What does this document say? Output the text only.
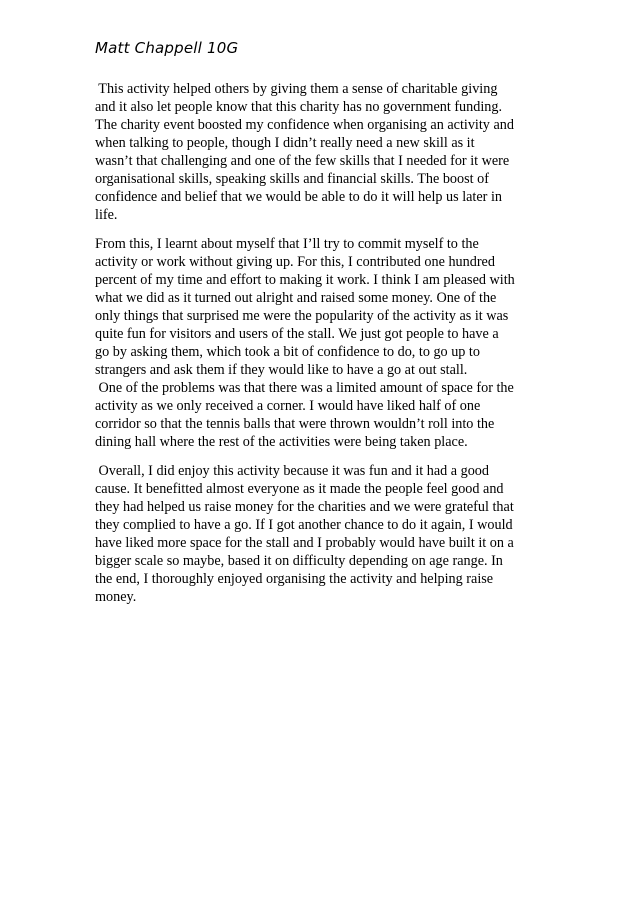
Matt Chappell 10G
This activity helped others by giving them a sense of charitable giving
and it also let people know that this charity has no government funding.
The charity event boosted my confidence when organising an activity and
when talking to people, though I didn’t really need a new skill as it
wasn’t that challenging and one of the few skills that I needed for it were
organisational skills, speaking skills and financial skills. The boost of
confidence and belief that we would be able to do it will help us later in
life.
From this, I learnt about myself that I’ll try to commit myself to the
activity or work without giving up. For this, I contributed one hundred
percent of my time and effort to making it work. I think I am pleased with
what we did as it turned out alright and raised some money. One of the
only things that surprised me were the popularity of the activity as it was
quite fun for visitors and users of the stall. We just got people to have a
go by asking them, which took a bit of confidence to do, to go up to
strangers and ask them if they would like to have a go at out stall.
One of the problems was that there was a limited amount of space for the
activity as we only received a corner. I would have liked half of one
corridor so that the tennis balls that were thrown wouldn’t roll into the
dining hall where the rest of the activities were being taken place.
Overall, I did enjoy this activity because it was fun and it had a good
cause. It benefitted almost everyone as it made the people feel good and
they had helped us raise money for the charities and we were grateful that
they complied to have a go. If I got another chance to do it again, I would
have liked more space for the stall and I probably would have built it on a
bigger scale so maybe, based it on difficulty depending on age range. In
the end, I thoroughly enjoyed organising the activity and helping raise
money.
